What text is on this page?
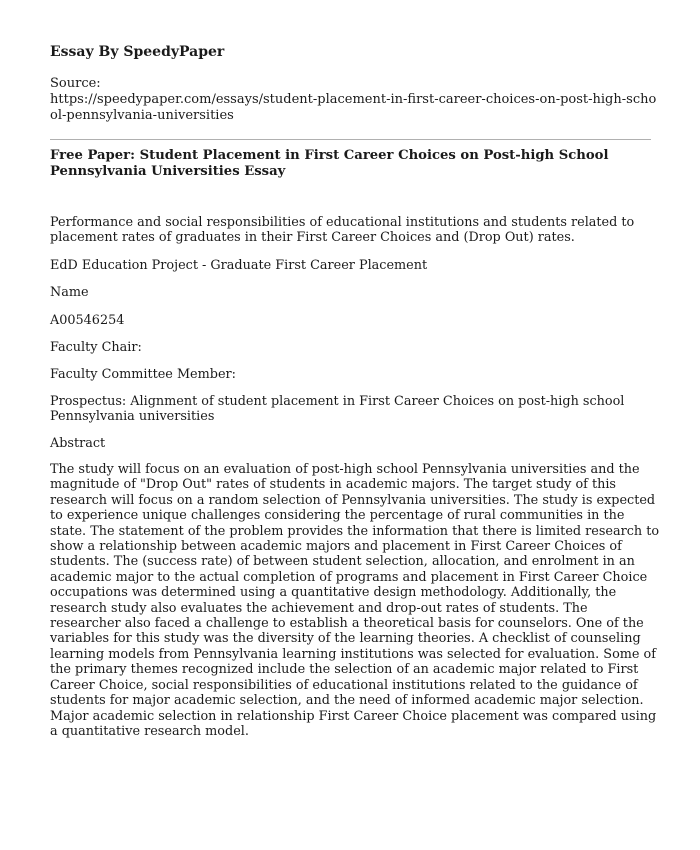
Essay By SpeedyPaper
Source:
https://speedypaper.com/essays/student-placement-in-first-career-choices-on-post-high-school-pennsylvania-universities
Free Paper: Student Placement in First Career Choices on Post-high School Pennsylvania Universities Essay

Performance and social responsibilities of educational institutions and students related to placement rates of graduates in their First Career Choices and (Drop Out) rates.

EdD Education Project - Graduate First Career Placement

Name

A00546254

Faculty Chair:

Faculty Committee Member:

Prospectus: Alignment of student placement in First Career Choices on post-high school Pennsylvania universities

Abstract

The study will focus on an evaluation of post-high school Pennsylvania universities and the magnitude of "Drop Out" rates of students in academic majors. The target study of this research will focus on a random selection of Pennsylvania universities. The study is expected to experience unique challenges considering the percentage of rural communities in the state. The statement of the problem provides the information that there is limited research to show a relationship between academic majors and placement in First Career Choices of students. The (success rate) of between student selection, allocation, and enrolment in an academic major to the actual completion of programs and placement in First Career Choice occupations was determined using a quantitative design methodology. Additionally, the research study also evaluates the achievement and drop-out rates of students. The researcher also faced a challenge to establish a theoretical basis for counselors. One of the variables for this study was the diversity of the learning theories. A checklist of counseling learning models from Pennsylvania learning institutions was selected for evaluation. Some of the primary themes recognized include the selection of an academic major related to First Career Choice, social responsibilities of educational institutions related to the guidance of students for major academic selection, and the need of informed academic major selection. Major academic selection in relationship First Career Choice placement was compared using a quantitative research model.
